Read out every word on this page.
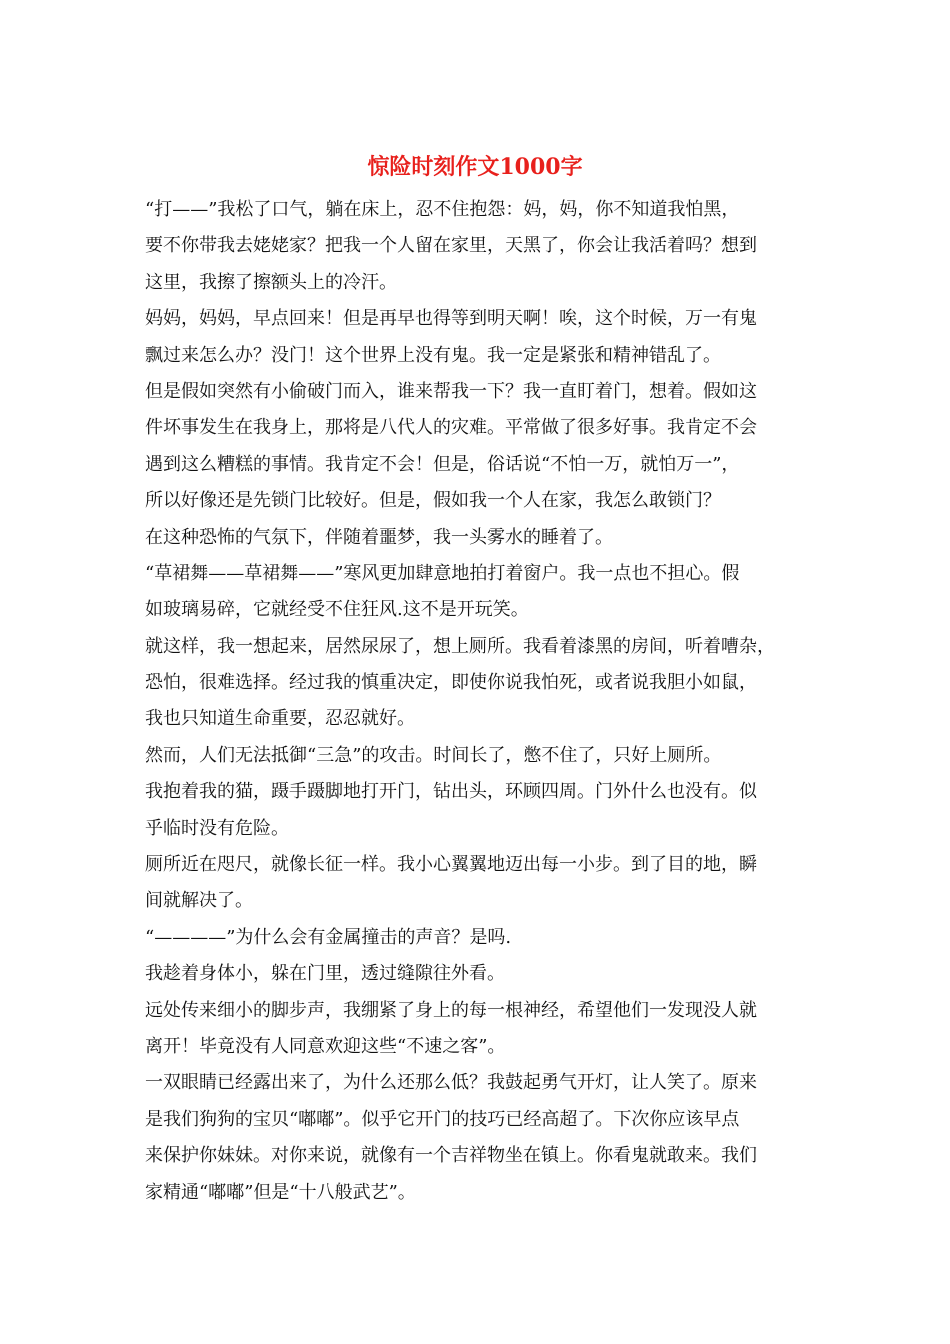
惊险时刻作文1000字
“打——”我松了口气，躺在床上，忍不住抱怨：妈，妈，你不知道我怕黑，
要不你带我去姥姥家？把我一个人留在家里，天黑了，你会让我活着吗？想到
这里，我擦了擦额头上的冷汗。
妈妈，妈妈，早点回来！但是再早也得等到明天啊！唉，这个时候，万一有鬼
飘过来怎么办？没门！这个世界上没有鬼。我一定是紧张和精神错乱了。
但是假如突然有小偷破门而入，谁来帮我一下？我一直盯着门，想着。假如这
件坏事发生在我身上，那将是八代人的灾难。平常做了很多好事。我肯定不会
遇到这么糟糕的事情。我肯定不会！但是，俗话说“不怕一万，就怕万一”，
所以好像还是先锁门比较好。但是，假如我一个人在家，我怎么敢锁门？
在这种恐怖的气氛下，伴随着噩梦，我一头雾水的睡着了。
“草裙舞——草裙舞——”寒风更加肆意地拍打着窗户。我一点也不担心。假
如玻璃易碎，它就经受不住狂风.这不是开玩笑。
就这样，我一想起来，居然尿尿了，想上厕所。我看着漆黑的房间，听着嘈杂，
恐怕，很难选择。经过我的慎重决定，即使你说我怕死，或者说我胆小如鼠，
我也只知道生命重要，忍忍就好。
然而，人们无法抵御“三急”的攻击。时间长了，憋不住了，只好上厕所。
我抱着我的猫，蹑手蹑脚地打开门，钻出头，环顾四周。门外什么也没有。似
乎临时没有危险。
厕所近在咫尺，就像长征一样。我小心翼翼地迈出每一小步。到了目的地，瞬
间就解决了。
“————”为什么会有金属撞击的声音？是吗.
我趁着身体小，躲在门里，透过缝隙往外看。
远处传来细小的脚步声，我绷紧了身上的每一根神经，希望他们一发现没人就
离开！毕竟没有人同意欢迎这些“不速之客”。
一双眼睛已经露出来了，为什么还那么低？我鼓起勇气开灯，让人笑了。原来
是我们狗狗的宝贝“嘟嘟”。似乎它开门的技巧已经高超了。下次你应该早点
来保护你妹妹。对你来说，就像有一个吉祥物坐在镇上。你看鬼就敢来。我们
家精通“嘟嘟”但是“十八般武艺”。
